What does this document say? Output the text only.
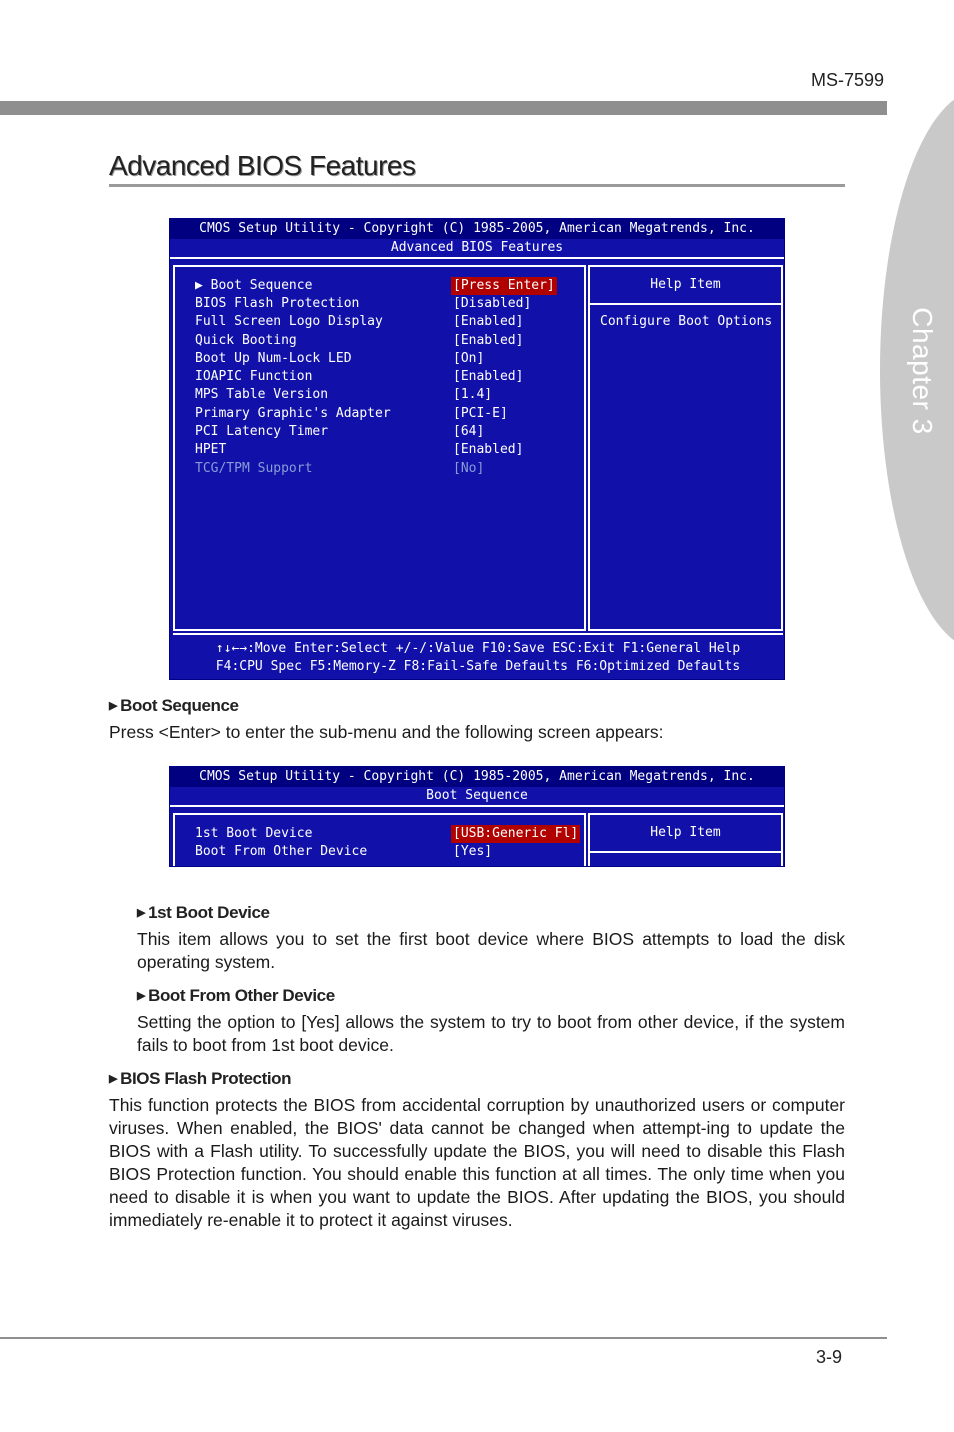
MS-7599
Chapter 3
Advanced BIOS Features
CMOS Setup Utility - Copyright (C) 1985-2005, American Megatrends, Inc.
Advanced BIOS Features
▶ Boot Sequence	[Press Enter]
BIOS Flash Protection	[Disabled]
Full Screen Logo Display	[Enabled]
Quick Booting	[Enabled]
Boot Up Num-Lock LED	[On]
IOAPIC Function	[Enabled]
MPS Table Version	[1.4]
Primary Graphic's Adapter	[PCI-E]
PCI Latency Timer	[64]
HPET	[Enabled]
TCG/TPM Support	[No]
Help Item
Configure Boot Options
↑↓←→:Move Enter:Select +/-/:Value F10:Save ESC:Exit F1:General Help
F4:CPU Spec F5:Memory-Z F8:Fail-Safe Defaults F6:Optimized Defaults
▶ Boot Sequence
Press <Enter> to enter the sub-menu and the following screen appears:
CMOS Setup Utility - Copyright (C) 1985-2005, American Megatrends, Inc.
Boot Sequence
1st Boot Device	[USB:Generic Fl]
Boot From Other Device	[Yes]
Help Item
▶ 1st Boot Device
This item allows you to set the first boot device where BIOS attempts to load the disk operating system.
▶ Boot From Other Device
Setting the option to [Yes] allows the system to try to boot from other device, if the system fails to boot from 1st boot device.
▶ BIOS Flash Protection
This function protects the BIOS from accidental corruption by unauthorized users or computer viruses. When enabled, the BIOS' data cannot be changed when attempt-ing to update the BIOS with a Flash utility. To successfully update the BIOS, you will need to disable this Flash BIOS Protection function. You should enable this function at all times. The only time when you need to disable it is when you want to update the BIOS. After updating the BIOS, you should immediately re-enable it to protect it against viruses.
3-9
